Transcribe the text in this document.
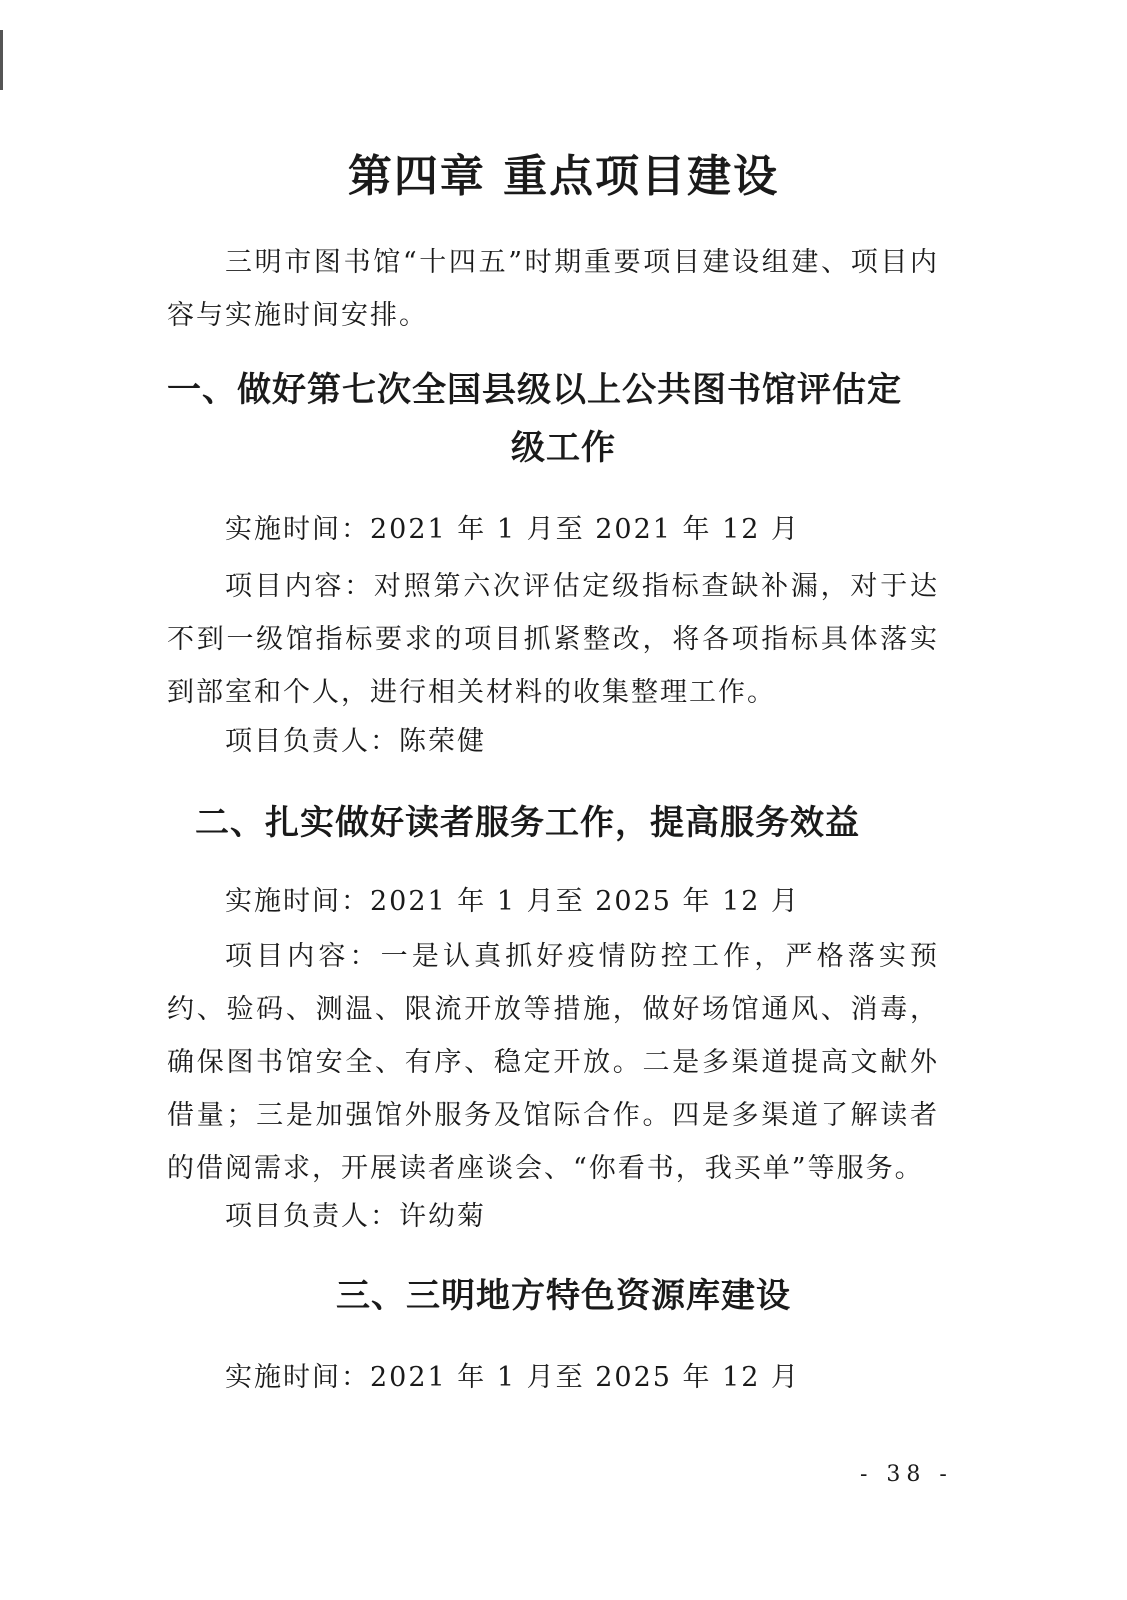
第四章 重点项目建设

三明市图书馆“十四五”时期重要项目建设组建、项目内容与实施时间安排。

一、做好第七次全国县级以上公共图书馆评估定
级工作

实施时间：2021 年 1 月至 2021 年 12 月

项目内容：对照第六次评估定级指标查缺补漏，对于达不到一级馆指标要求的项目抓紧整改，将各项指标具体落实到部室和个人，进行相关材料的收集整理工作。

项目负责人：陈荣健

二、扎实做好读者服务工作，提高服务效益

实施时间：2021 年 1 月至 2025 年 12 月

项目内容：一是认真抓好疫情防控工作，严格落实预约、验码、测温、限流开放等措施，做好场馆通风、消毒，确保图书馆安全、有序、稳定开放。二是多渠道提高文献外借量；三是加强馆外服务及馆际合作。四是多渠道了解读者的借阅需求，开展读者座谈会、“你看书，我买单”等服务。

项目负责人：许幼菊

三、三明地方特色资源库建设

实施时间：2021 年 1 月至 2025 年 12 月

- 38 -
